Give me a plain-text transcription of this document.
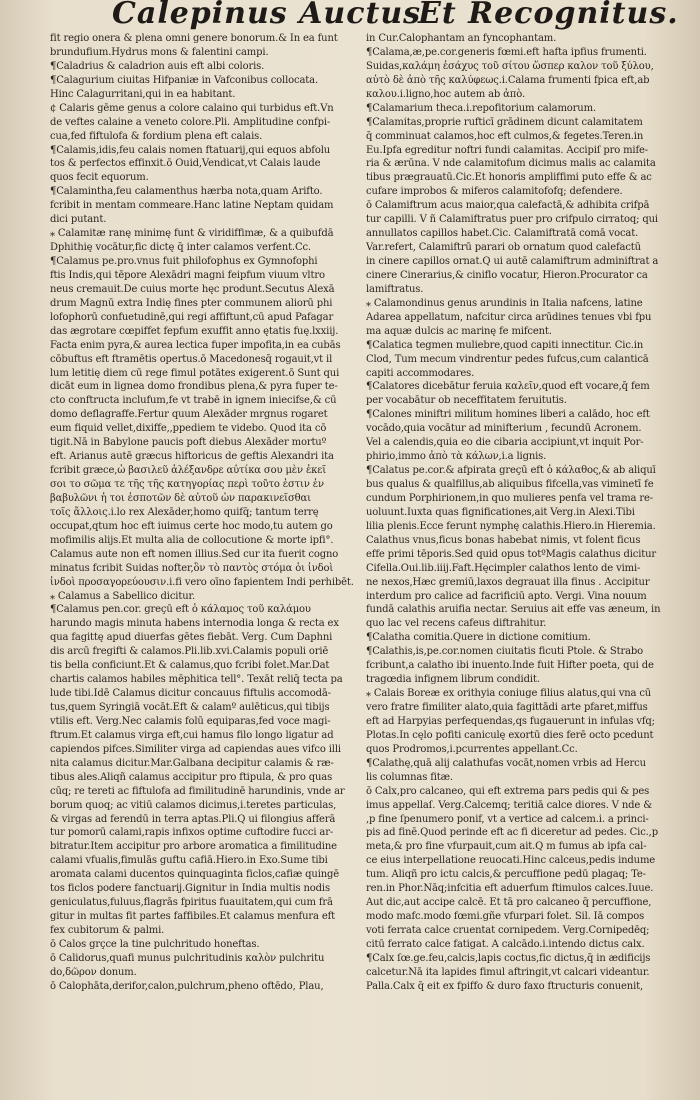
Calepinus Auctus
Et Recognitus.
fit regio onera & plena omni genere bonorum.& In ea funt
brundufium.Hydrus mons & falentini campi.
¶Caladrius & caladrion auis eft albi coloris.
¶Calagurium ciuitas Hifpaniæ in Vafconibus collocata.
Hinc Calagurritani,qui in ea habitant.
¢ Calaris gēme genus a colore calaino qui turbidus eft.Vn
de veftes calaine a veneto colore.Pli. Amplitudine confpi-
cua,fed fiftulofa & fordium plena eft calais.
¶Calamis,idis,feu calais nomen ftatuarij,qui equos abfolu
tos & perfectos effinxit.ō Ouid,Vendicat,vt Calais laude
quos fecit equorum.
¶Calamintha,feu calamenthus hærba nota,quam Arifto.
fcribit in mentam commeare.Hanc latine Neptam quidam
dici putant.
⁎ Calamitæ ranę minimę funt & viridiffimæ, & a quibufdā
Dphithię vocātur,fic dictę q̄ inter calamos verfent.Cc.
¶Calamus pe.pro.vnus fuit philofophus ex Gymnofophi
ftis Indis,qui tēpore Alexādri magni feipfum viuum vltro
neus cremauit.De cuius morte hęc produnt.Secutus Alexā
drum Magnū extra Indię fines pter communem aliorū phi
lofophorū confuetudinē,qui regi affiftunt,cū apud Pafagar
das ægrotare cœpiffet fepfum exuffit anno ętatis fuę.lxxiij.
Facta enim pyra,& aurea lectica fuper impofita,in ea cubās
cōbuftus eft ftramētis opertus.ō Macedonesq̄ rogauit,vt il
lum letitię diem cū rege fimul potātes exigerent.ō Sunt qui
dicāt eum in lignea domo frondibus plena,& pyra fuper te-
cto conftructa inclufum,fe vt trabē in ignem iniecifse,& cū
domo deflagraffe.Fertur quum Alexāder mrgnus rogaret
eum fiquid vellet,dixiffe,,ppediem te videbo. Quod ita cō
tigit.Nā in Babylone paucis poft diebus Alexāder mortuº
eft. Arianus autē græcus hiftoricus de geftis Alexandri ita
fcribit græce,ὦ βασιλεῦ ἀλέξανδρε αὐτίκα σου μὲν ἐκεῖ
σοι το σῶμα τε τῆς τῆς κατηγορίας περὶ τοῦτο ἐστιν ἐν
βαβυλῶνι ἡ τοι ἐσποτῶν δὲ αὐτοῦ ὡν παρακινεῖσθαι
τοῖς ἄλλοις.i.lo rex Alexāder,homo quifq̄; tantum terrę
occupat,qtum hoc eft iuimus certe hoc modo,tu autem go
mofimilis alijs.Et multa alia de collocutione & morte ipfi°.
Calamus aute non eft nomen illius.Sed cur ita fuerit cogno
minatus fcribit Suidas nofter,ὃν τὸ παντὸς στόμα ὁι ἰνδοὶ
ἰνδοὶ προσαγορεύουσιν.i.fi vero oīno fapientem Indi perhibēt.
⁎ Calamus a Sabellico dicitur.
¶Calamus pen.cor. greçū eft ὁ κάλαμος τοῦ καλάμου
harundo magis minuta habens internodia longa & recta ex
qua fagittę apud diuerfas gētes fiebāt. Verg. Cum Daphni
dis arcū fregifti & calamos.Pli.lib.xvi.Calamis populi oriē
tis bella conficiunt.Et & calamus,quo fcribi folet.Mar.Dat
chartis calamos habiles mēphitica tell°. Texāt reliq̄ tecta pa
lude tibi.Idē Calamus dicitur concauus fiftulis accomodā-
tus,quem Syringiā vocāt.Eft & calamº aulēticus,qui tibijs
vtilis eft. Verg.Nec calamis folū equiparas,fed voce magi-
ftrum.Et calamus virga eft,cui hamus filo longo ligatur ad
capiendos pifces.Similiter virga ad capiendas aues vifco illi
nita calamus dicitur.Mar.Galbana decipitur calamis & ræ-
tibus ales.Aliqñ calamus accipitur pro ftipula, & pro quas
cūq; re tereti ac fiftulofa ad fimilitudinē harundinis, vnde ar
borum quoq; ac vitiū calamos dicimus,i.teretes particulas,
& virgas ad ferendū in terra aptas.Pli.Q ui filongius afferā
tur pomorū calami,rapis infixos optime cuftodire fucci ar-
bitratur.Item accipitur pro arbore aromatica a fimilitudine
calami vfualis,fimulās guftu cafiā.Hiero.in Exo.Sume tibi
aromata calami ducentos quinquaginta ficlos,cafiæ quingē
tos ficlos podere fanctuarij.Gignitur in India multis nodis
geniculatus,fuluus,flagrās fpiritus fuauitatem,qui cum frā
gitur in multas fit partes faffibiles.Et calamus menfura eft
fex cubitorum & palmi.
ō Calos grçce la tine pulchritudo honeftas.
ō Calidorus,quafi munus pulchritudinis καλὸν pulchritu
do,δῶρον donum.
ō Calophāta,derifor,calon,pulchrum,pheno oftēdo, Plau,
in Cur.Calophantam an fyncophantam.
¶Calama,æ,pe.cor.generis fœmi.eft hafta ipfius frumenti.
Suidas,καλάμη ἐσάχυς τοῦ σίτου ὥσπερ καλον τοῦ ξύλου,
αὐτὸ δὲ ἀπὸ τῆς καλύφεως.i.Calama frumenti fpica eft,ab
καλου.i.ligno,hoc autem ab ἀπὸ.
¶Calamarium theca.i.repofitorium calamorum.
¶Calamitas,proprie rufticī grādinem dicunt calamitatem
q̄ comminuat calamos,hoc eft culmos,& fegetes.Teren.in
Eu.Ipfa egreditur noftri fundi calamitas. Accipiſ pro mife-
ria & ærūna. V nde calamitofum dicimus malis ac calamita
tibus prægrauatū.Cic.Et honoris ampliffimi puto effe & ac
cufare improbos & miferos calamitofofq; defendere.
ō Calamiftrum acus maior,qua calefactā,& adhibita crifpā
tur capilli. V ñ Calamiftratus puer pro crifpulo cirratoq; qui
annullatos capillos habet.Cic. Calamiftratā comā vocat.
Var.refert, Calamiftrū parari ob ornatum quod calefactū
in cinere capillos ornat.Q ui autē calamiftrum adminiftrat a
cinere Cinerarius,& ciniflo vocatur, Hieron.Procurator ca
lamiftratus.
⁎ Calamondinus genus arundinis in Italia nafcens, latine
Adarea appellatum, nafcitur circa arūdines tenues vbi fpu
ma aquæ dulcis ac marinę fe mifcent.
¶Calatica tegmen muliebre,quod capiti innectitur. Cic.in
Clod, Tum mecum vindrentur pedes fufcus,cum calanticā
capiti accommodares.
¶Calatores dicebātur feruia καλεῖν,quod eft vocare,q̄ fem
per vocabātur ob neceffitatem feruitutis.
¶Calones miniftri militum homines liberi a calādo, hoc eft
vocādo,quia vocātur ad minifterium , fecundū Acronem.
Vel a calendis,quia eo die cibaria accipiunt,vt inquit Por-
phirio,immo ἀπὸ τὰ κάλων,i.a lignis.
¶Calatus pe.cor.& afpirata greçū eft ὁ κάλαθος,& ab aliquī
bus qualus & qualfillus,ab aliquibus fifcella,vas viminetī fe
cundum Porphirionem,in quo mulieres penfa vel trama re-
uoluunt.Iuxta quas fignificationes,ait Verg.in Alexi.Tibi
lilia plenis.Ecce ferunt nymphę calathis.Hiero.in Hieremia.
Calathus vnus,ficus bonas habebat nimis, vt folent ficus
effe primi tēporis.Sed quid opus totºMagis calathus dicitur
Cifella.Oui.lib.iiij.Faft.Hęcimpler calathos lento de vimi-
ne nexos,Hæc gremiū,laxos degrauat illa finus . Accipitur
interdum pro calice ad facrificiū apto. Vergi. Vina nouum
fundā calathis aruifia nectar. Seruius ait effe vas æneum, in
quo lac vel recens cafeus diftrahitur.
¶Calatha comitia.Quere in dictione comitium.
¶Calathis,is,pe.cor.nomen ciuitatis ficuti Ptole. & Strabo
fcribunt,a calatho ibi inuento.Inde fuit Hifter poeta, qui de
tragœdia infignem librum condidit.
⁎ Calais Boreæ ex orithyia coniuge filius alatus,qui vna cū
vero fratre fimiliter alato,quia fagittādi arte pfaret,miffus
eft ad Harpyias perfequendas,qs fugauerunt in infulas vfq;
Plotas.In cęlo pofiti caniculę exortū dies ferē octo pcedunt
quos Prodromos,i.pcurrentes appellant.Cc.
¶Calathę,quā alij calathufas vocāt,nomen vrbis ad Hercu
lis columnas fitæ.
ō Calx,pro calcaneo, qui eft extrema pars pedis qui & pes
imus appellaſ. Verg.Calcemq; teritiā calce diores. V nde &
,p fine ſpenumero ponif, vt a vertice ad calcem.i. a princi-
pis ad finē.Quod perinde eft ac fi diceretur ad pedes. Cic.,p
meta,& pro fine vfurpauit,cum ait.Q m fumus ab ipfa cal-
ce eius interpellatione reuocati.Hinc calceus,pedis indume
tum. Aliqñ pro ictu calcis,& percuffione pedū plagaq; Te-
ren.in Phor.Nāq;infcitia eft aduerfum ftimulos calces.Iuue.
Aut dic,aut accipe calcē. Et tā pro calcaneo q̄ percuffione,
modo mafc.modo fœmi.gñe vfurpari folet. Sil. Iā compos
voti ferrata calce cruentat cornipedem. Verg.Cornipedēq;
citū ferrato calce fatigat. A calcādo.i.intendo dictus calx.
¶Calx ſœ.ge.feu,calcis,lapis coctus,fic dictus,q̄ in ædificijs
calcetur.Nā ita lapides fimul aftringit,vt calcari videantur.
Palla.Calx q̄ eit ex fpiffo & duro faxo ftructuris conuenit,
